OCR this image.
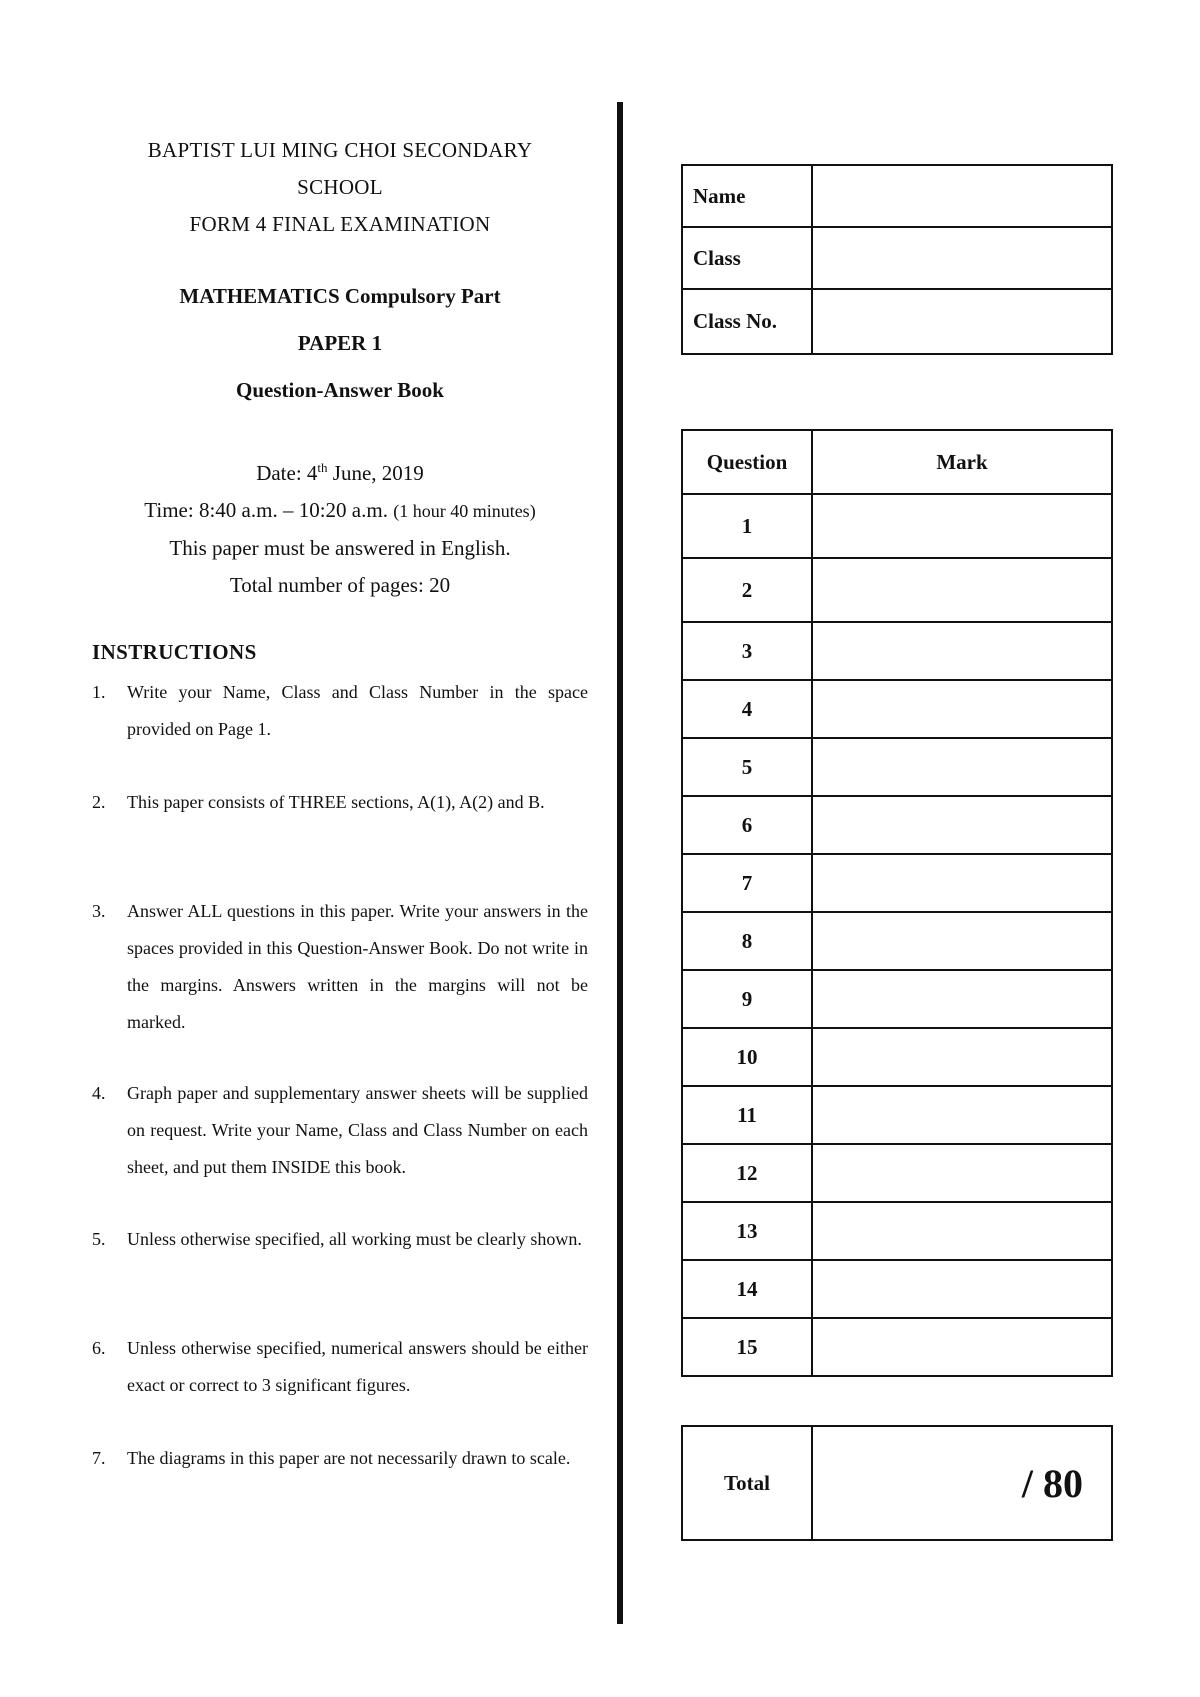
BAPTIST LUI MING CHOI SECONDARY
SCHOOL
FORM 4 FINAL EXAMINATION
MATHEMATICS Compulsory Part
PAPER 1
Question-Answer Book
Date: 4th June, 2019
Time: 8:40 a.m. – 10:20 a.m. (1 hour 40 minutes)
This paper must be answered in English.
Total number of pages: 20
INSTRUCTIONS
1. Write your Name, Class and Class Number in the space provided on Page 1.
2. This paper consists of THREE sections, A(1), A(2) and B.
3. Answer ALL questions in this paper. Write your answers in the spaces provided in this Question-Answer Book. Do not write in the margins. Answers written in the margins will not be marked.
4. Graph paper and supplementary answer sheets will be supplied on request. Write your Name, Class and Class Number on each sheet, and put them INSIDE this book.
5. Unless otherwise specified, all working must be clearly shown.
6. Unless otherwise specified, numerical answers should be either exact or correct to 3 significant figures.
7. The diagrams in this paper are not necessarily drawn to scale.
Name	
Class	
Class No.	
Question	Mark
1	
2	
3	
4	
5	
6	
7	
8	
9	
10	
11	
12	
13	
14	
15	
Total	/ 80
